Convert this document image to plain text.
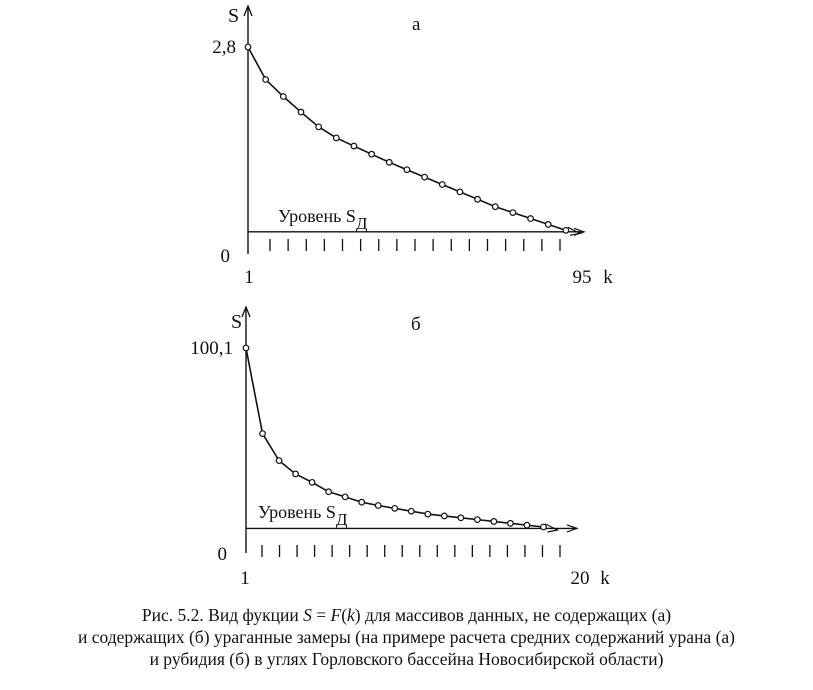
а
S
2,8
0
1	95 k
Уровень SД
б
S
100,1
0
1	20 k
Уровень SД
Рис. 5.2. Вид фукции S = F(k) для массивов данных, не содержащих (а)
и содержащих (б) ураганные замеры (на примере расчета средних содержаний урана (а)
и рубидия (б) в углях Горловского бассейна Новосибирской области)
